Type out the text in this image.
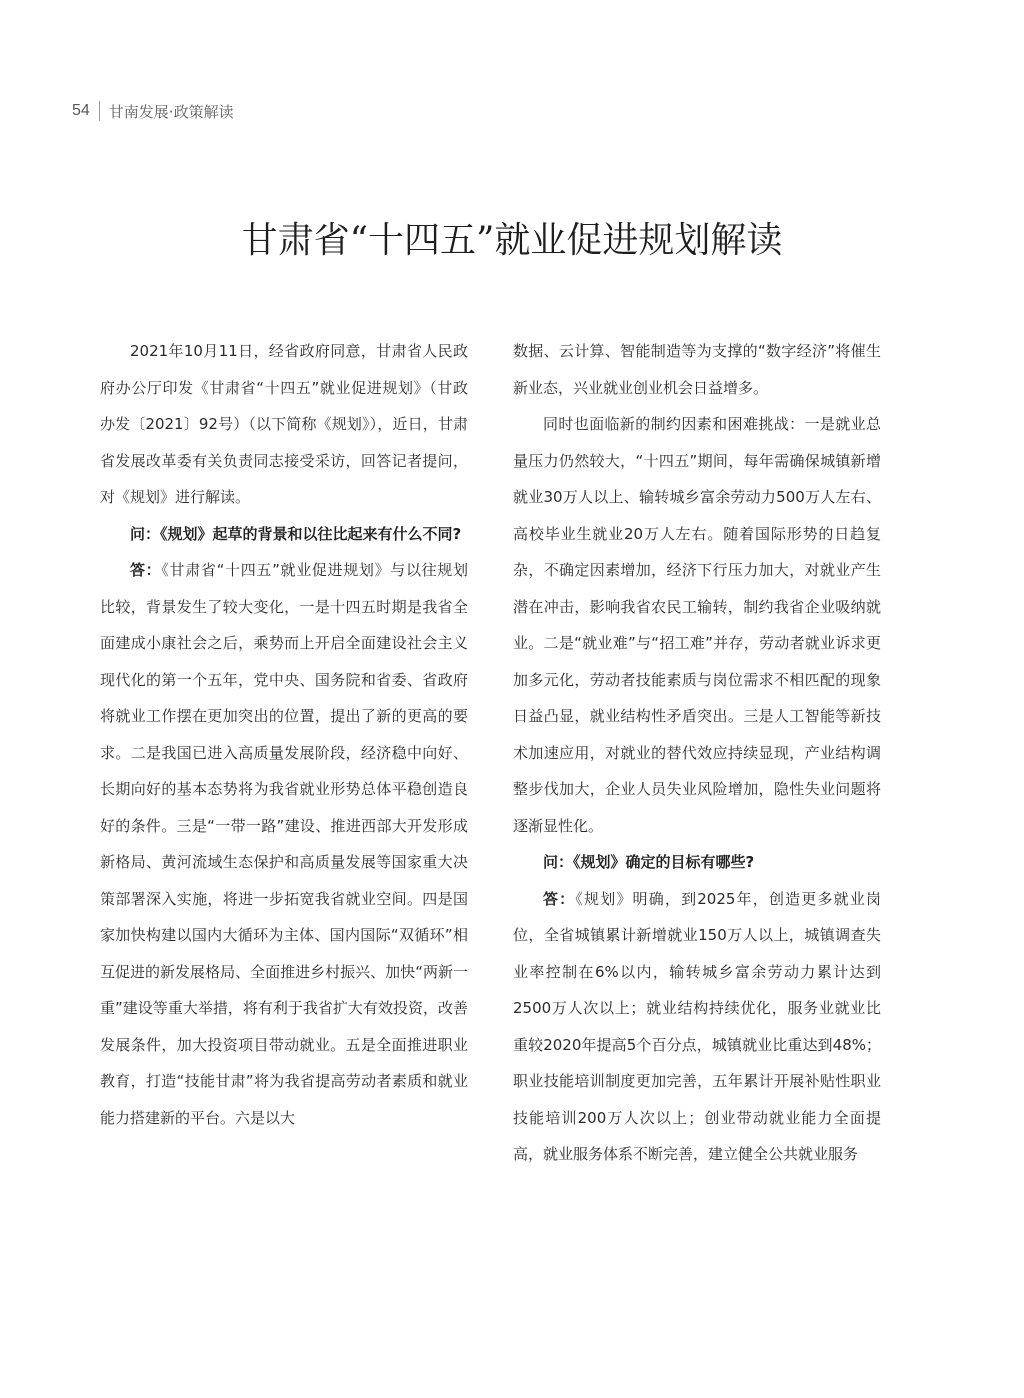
54 甘南发展·政策解读
甘肃省“十四五”就业促进规划解读

2021年10月11日，经省政府同意，甘肃省人民政府办公厅印发《甘肃省“十四五”就业促进规划》（甘政办发〔2021〕92号）（以下简称《规划》），近日，甘肃省发展改革委有关负责同志接受采访，回答记者提问，对《规划》进行解读。

问：《规划》起草的背景和以往比起来有什么不同?

答：《甘肃省“十四五”就业促进规划》与以往规划比较，背景发生了较大变化，一是十四五时期是我省全面建成小康社会之后，乘势而上开启全面建设社会主义现代化的第一个五年，党中央、国务院和省委、省政府将就业工作摆在更加突出的位置，提出了新的更高的要求。二是我国已进入高质量发展阶段，经济稳中向好、长期向好的基本态势将为我省就业形势总体平稳创造良好的条件。三是“一带一路”建设、推进西部大开发形成新格局、黄河流域生态保护和高质量发展等国家重大决策部署深入实施，将进一步拓宽我省就业空间。四是国家加快构建以国内大循环为主体、国内国际“双循环”相互促进的新发展格局、全面推进乡村振兴、加快“两新一重”建设等重大举措，将有利于我省扩大有效投资，改善发展条件，加大投资项目带动就业。五是全面推进职业教育，打造“技能甘肃”将为我省提高劳动者素质和就业能力搭建新的平台。六是以大

数据、云计算、智能制造等为支撑的“数字经济”将催生新业态，兴业就业创业机会日益增多。

同时也面临新的制约因素和困难挑战：一是就业总量压力仍然较大，“十四五”期间，每年需确保城镇新增就业30万人以上、输转城乡富余劳动力500万人左右、高校毕业生就业20万人左右。随着国际形势的日趋复杂，不确定因素增加，经济下行压力加大，对就业产生潜在冲击，影响我省农民工输转，制约我省企业吸纳就业。二是“就业难”与“招工难”并存，劳动者就业诉求更加多元化，劳动者技能素质与岗位需求不相匹配的现象日益凸显，就业结构性矛盾突出。三是人工智能等新技术加速应用，对就业的替代效应持续显现，产业结构调整步伐加大，企业人员失业风险增加，隐性失业问题将逐渐显性化。

问：《规划》确定的目标有哪些?

答：《规划》明确，到2025年，创造更多就业岗位，全省城镇累计新增就业150万人以上，城镇调查失业率控制在6%以内，输转城乡富余劳动力累计达到2500万人次以上；就业结构持续优化，服务业就业比重较2020年提高5个百分点，城镇就业比重达到48%；职业技能培训制度更加完善，五年累计开展补贴性职业技能培训200万人次以上；创业带动就业能力全面提高，就业服务体系不断完善，建立健全公共就业服务
